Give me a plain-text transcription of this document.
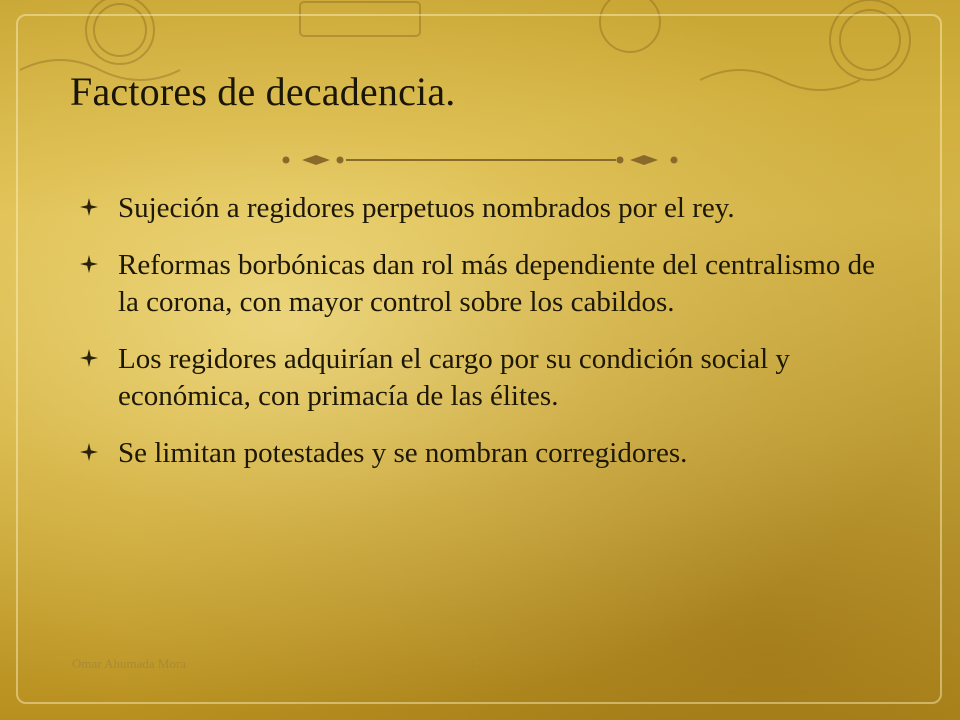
Factores de decadencia.
Sujeción a regidores perpetuos nombrados por el rey.
Reformas borbónicas dan rol más dependiente del centralismo de la corona, con mayor control sobre los cabildos.
Los regidores adquirían el cargo por su condición social y económica, con primacía de las élites.
Se limitan potestades y se nombran corregidores.
Omar Ahumada Mora	12
